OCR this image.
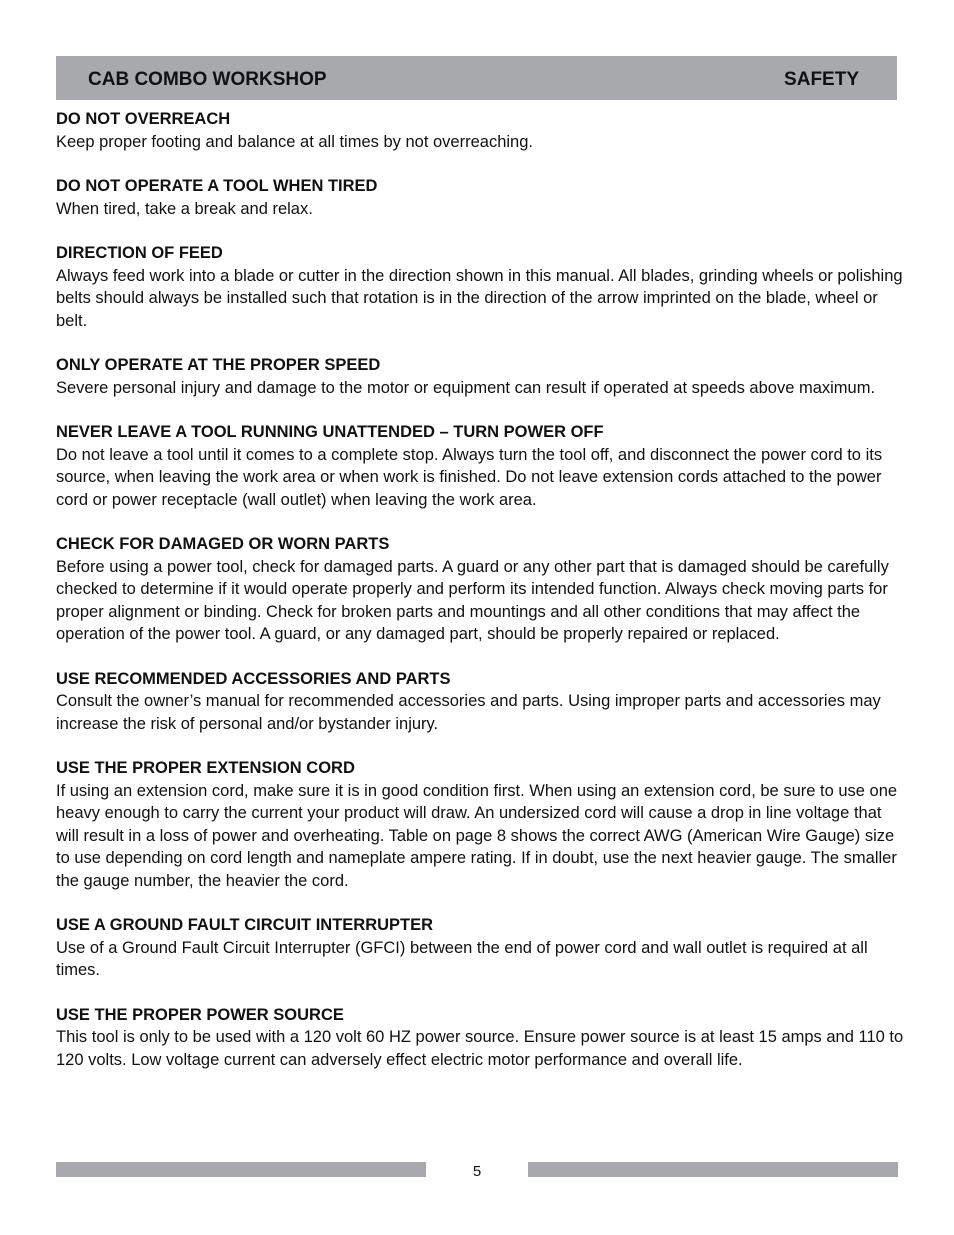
CAB COMBO WORKSHOP	SAFETY

DO NOT OVERREACH

Keep proper footing and balance at all times by not overreaching.

DO NOT OPERATE A TOOL WHEN TIRED

When tired, take a break and relax.

DIRECTION OF FEED

Always feed work into a blade or cutter in the direction shown in this manual. All blades, grinding wheels or polishing belts should always be installed such that rotation is in the direction of the arrow imprinted on the blade, wheel or belt.

ONLY OPERATE AT THE PROPER SPEED

Severe personal injury and damage to the motor or equipment can result if operated at speeds above maximum.

NEVER LEAVE A TOOL RUNNING UNATTENDED – TURN POWER OFF

Do not leave a tool until it comes to a complete stop. Always turn the tool off, and disconnect the power cord to its source, when leaving the work area or when work is finished. Do not leave extension cords attached to the power cord or power receptacle (wall outlet) when leaving the work area.

CHECK FOR DAMAGED OR WORN PARTS

Before using a power tool, check for damaged parts. A guard or any other part that is damaged should be carefully checked to determine if it would operate properly and perform its intended function. Always check moving parts for proper alignment or binding. Check for broken parts and mountings and all other conditions that may affect the operation of the power tool. A guard, or any damaged part, should be properly repaired or replaced.

USE RECOMMENDED ACCESSORIES AND PARTS

Consult the owner’s manual for recommended accessories and parts. Using improper parts and accessories may increase the risk of personal and/or bystander injury.

USE THE PROPER EXTENSION CORD

If using an extension cord, make sure it is in good condition first. When using an extension cord, be sure to use one heavy enough to carry the current your product will draw. An undersized cord will cause a drop in line voltage that will result in a loss of power and overheating. Table on page 8 shows the correct AWG (American Wire Gauge) size to use depending on cord length and nameplate ampere rating. If in doubt, use the next heavier gauge. The smaller the gauge number, the heavier the cord.

USE A GROUND FAULT CIRCUIT INTERRUPTER

Use of a Ground Fault Circuit Interrupter (GFCI) between the end of power cord and wall outlet is required at all times.

USE THE PROPER POWER SOURCE

This tool is only to be used with a 120 volt 60 HZ power source. Ensure power source is at least 15 amps and 110 to 120 volts. Low voltage current can adversely effect electric motor performance and overall life.

5
